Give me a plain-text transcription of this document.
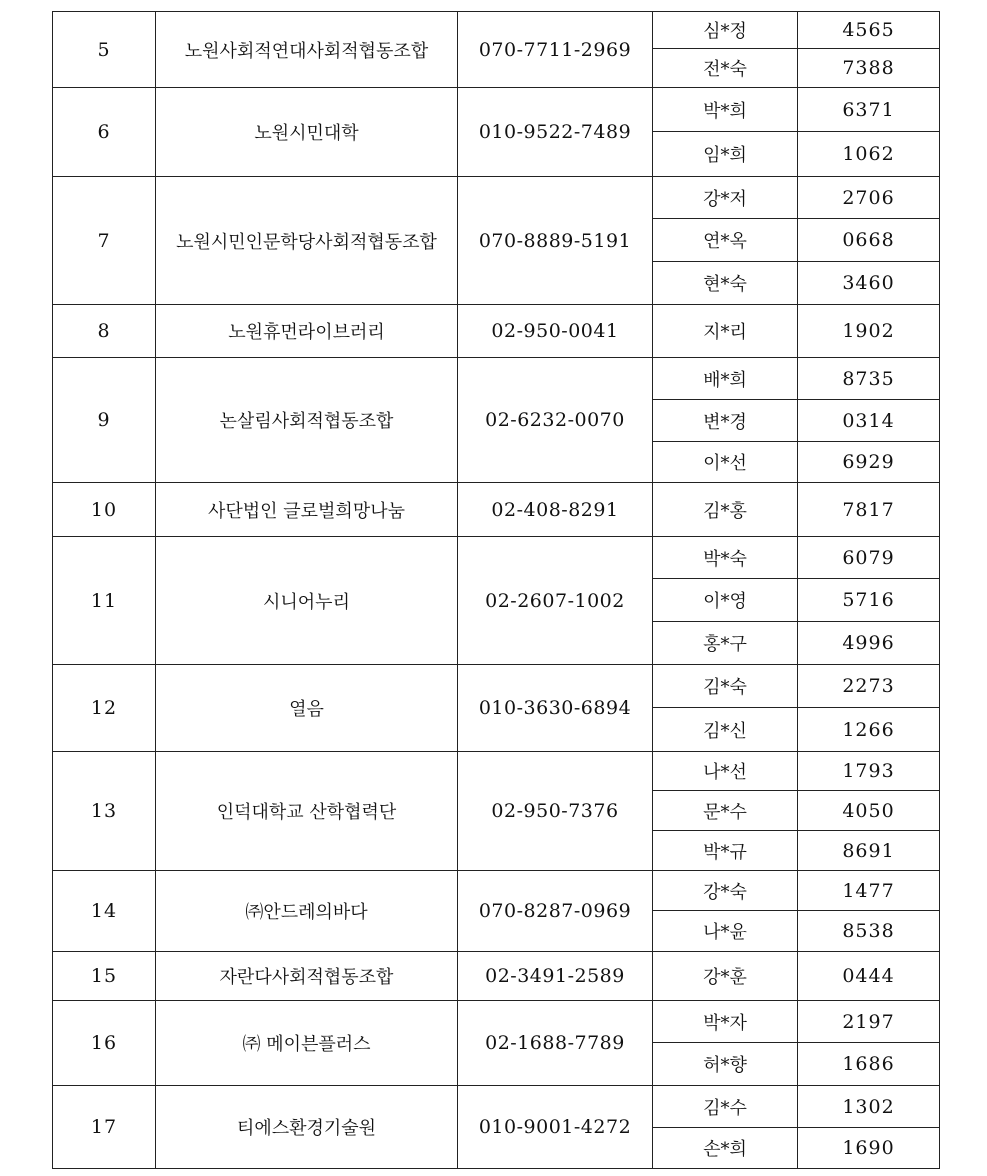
5	노원사회적연대사회적협동조합	070-7711-2969	심*정	4565
			전*숙	7388
6	노원시민대학	010-9522-7489	박*희	6371
			임*희	1062
7	노원시민인문학당사회적협동조합	070-8889-5191	강*저	2706
			연*옥	0668
			현*숙	3460
8	노원휴먼라이브러리	02-950-0041	지*리	1902
9	논살림사회적협동조합	02-6232-0070	배*희	8735
			변*경	0314
			이*선	6929
10	사단법인 글로벌희망나눔	02-408-8291	김*홍	7817
11	시니어누리	02-2607-1002	박*숙	6079
			이*영	5716
			홍*구	4996
12	열음	010-3630-6894	김*숙	2273
			김*신	1266
13	인덕대학교 산학협력단	02-950-7376	나*선	1793
			문*수	4050
			박*규	8691
14	㈜안드레의바다	070-8287-0969	강*숙	1477
			나*윤	8538
15	자란다사회적협동조합	02-3491-2589	강*훈	0444
16	㈜ 메이븐플러스	02-1688-7789	박*자	2197
			허*향	1686
17	티에스환경기술원	010-9001-4272	김*수	1302
			손*희	1690
